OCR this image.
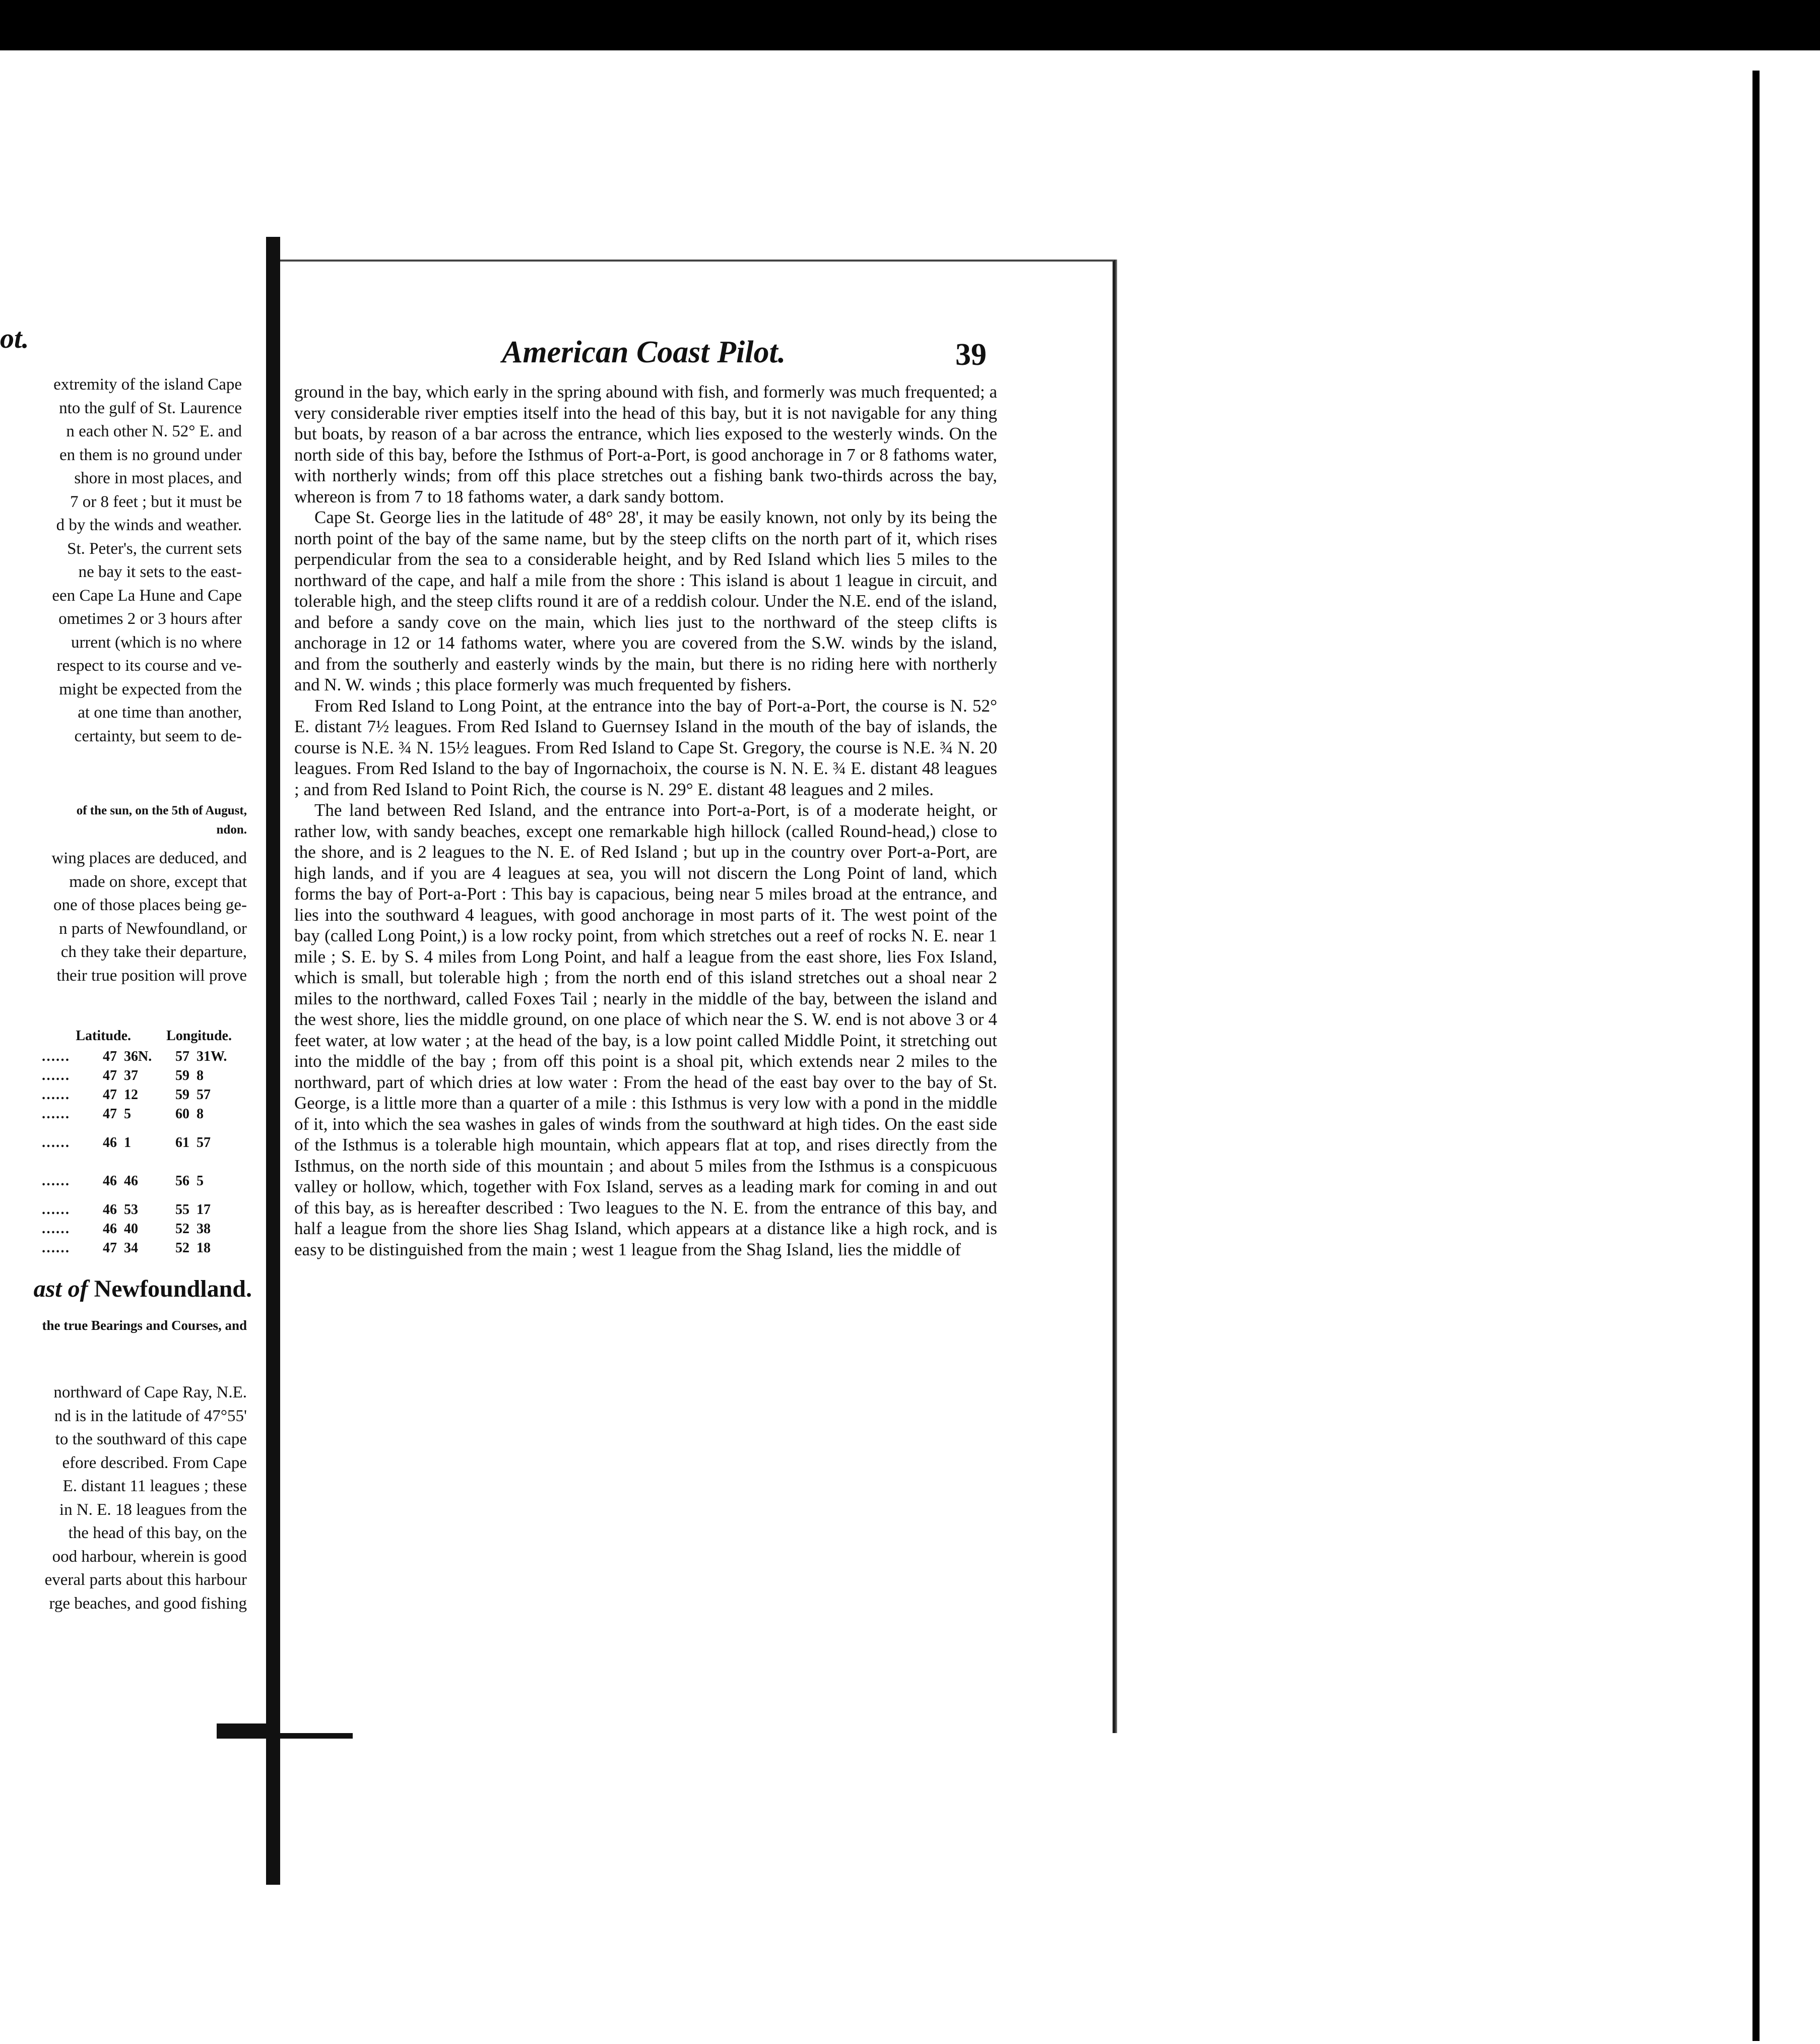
ot.
extremity of the island Cape
nto the gulf of St. Laurence
n each other N. 52° E. and
en them is no ground under
shore in most places, and
7 or 8 feet ; but it must be
d by the winds and weather.
St. Peter's, the current sets
ne bay it sets to the east-
een Cape La Hune and Cape
ometimes 2 or 3 hours after
urrent (which is no where
respect to its course and ve-
might be expected from the
at one time than another,
certainty, but seem to de-
of the sun, on the 5th of August,
ndon.
wing places are deduced, and
made on shore, except that
one of those places being ge-
n parts of Newfoundland, or
ch they take their departure,
their true position will prove
Latitude.	Longitude.
……	47 36N.	57 31W.
……	47 37	59 8
……	47 12	59 57
……	47 5	60 8
……	46 1	61 57
……	46 46	56 5
……	46 53	55 17
……	46 40	52 38
……	47 34	52 18
ast of Newfoundland.
the true Bearings and Courses, and
northward of Cape Ray, N.E.
nd is in the latitude of 47°55'
to the southward of this cape
efore described. From Cape
E. distant 11 leagues ; these
in N. E. 18 leagues from the
the head of this bay, on the
ood harbour, wherein is good
everal parts about this harbour
rge beaches, and good fishing
American Coast Pilot.	39

ground in the bay, which early in the spring abound with fish, and formerly was much frequented; a very considerable river empties itself into the head of this bay, but it is not navigable for any thing but boats, by reason of a bar across the entrance, which lies exposed to the westerly winds. On the north side of this bay, before the Isthmus of Port-a-Port, is good anchorage in 7 or 8 fathoms water, with northerly winds; from off this place stretches out a fishing bank two-thirds across the bay, whereon is from 7 to 18 fathoms water, a dark sandy bottom.

Cape St. George lies in the latitude of 48° 28', it may be easily known, not only by its being the north point of the bay of the same name, but by the steep clifts on the north part of it, which rises perpendicular from the sea to a considerable height, and by Red Island which lies 5 miles to the northward of the cape, and half a mile from the shore : This island is about 1 league in circuit, and tolerable high, and the steep clifts round it are of a reddish colour. Under the N.E. end of the island, and before a sandy cove on the main, which lies just to the northward of the steep clifts is anchorage in 12 or 14 fathoms water, where you are covered from the S.W. winds by the island, and from the southerly and easterly winds by the main, but there is no riding here with northerly and N. W. winds ; this place formerly was much frequented by fishers.

From Red Island to Long Point, at the entrance into the bay of Port-a-Port, the course is N. 52° E. distant 7½ leagues. From Red Island to Guernsey Island in the mouth of the bay of islands, the course is N.E. ¾ N. 15½ leagues. From Red Island to Cape St. Gregory, the course is N.E. ¾ N. 20 leagues. From Red Island to the bay of Ingornachoix, the course is N. N. E. ¾ E. distant 48 leagues ; and from Red Island to Point Rich, the course is N. 29° E. distant 48 leagues and 2 miles.

The land between Red Island, and the entrance into Port-a-Port, is of a moderate height, or rather low, with sandy beaches, except one remarkable high hillock (called Round-head,) close to the shore, and is 2 leagues to the N. E. of Red Island ; but up in the country over Port-a-Port, are high lands, and if you are 4 leagues at sea, you will not discern the Long Point of land, which forms the bay of Port-a-Port : This bay is capacious, being near 5 miles broad at the entrance, and lies into the southward 4 leagues, with good anchorage in most parts of it. The west point of the bay (called Long Point,) is a low rocky point, from which stretches out a reef of rocks N. E. near 1 mile ; S. E. by S. 4 miles from Long Point, and half a league from the east shore, lies Fox Island, which is small, but tolerable high ; from the north end of this island stretches out a shoal near 2 miles to the northward, called Foxes Tail ; nearly in the middle of the bay, between the island and the west shore, lies the middle ground, on one place of which near the S. W. end is not above 3 or 4 feet water, at low water ; at the head of the bay, is a low point called Middle Point, it stretching out into the middle of the bay ; from off this point is a shoal pit, which extends near 2 miles to the northward, part of which dries at low water : From the head of the east bay over to the bay of St. George, is a little more than a quarter of a mile : this Isthmus is very low with a pond in the middle of it, into which the sea washes in gales of winds from the southward at high tides. On the east side of the Isthmus is a tolerable high mountain, which appears flat at top, and rises directly from the Isthmus, on the north side of this mountain ; and about 5 miles from the Isthmus is a conspicuous valley or hollow, which, together with Fox Island, serves as a leading mark for coming in and out of this bay, as is hereafter described : Two leagues to the N. E. from the entrance of this bay, and half a league from the shore lies Shag Island, which appears at a distance like a high rock, and is easy to be distinguished from the main ; west 1 league from the Shag Island, lies the middle of
